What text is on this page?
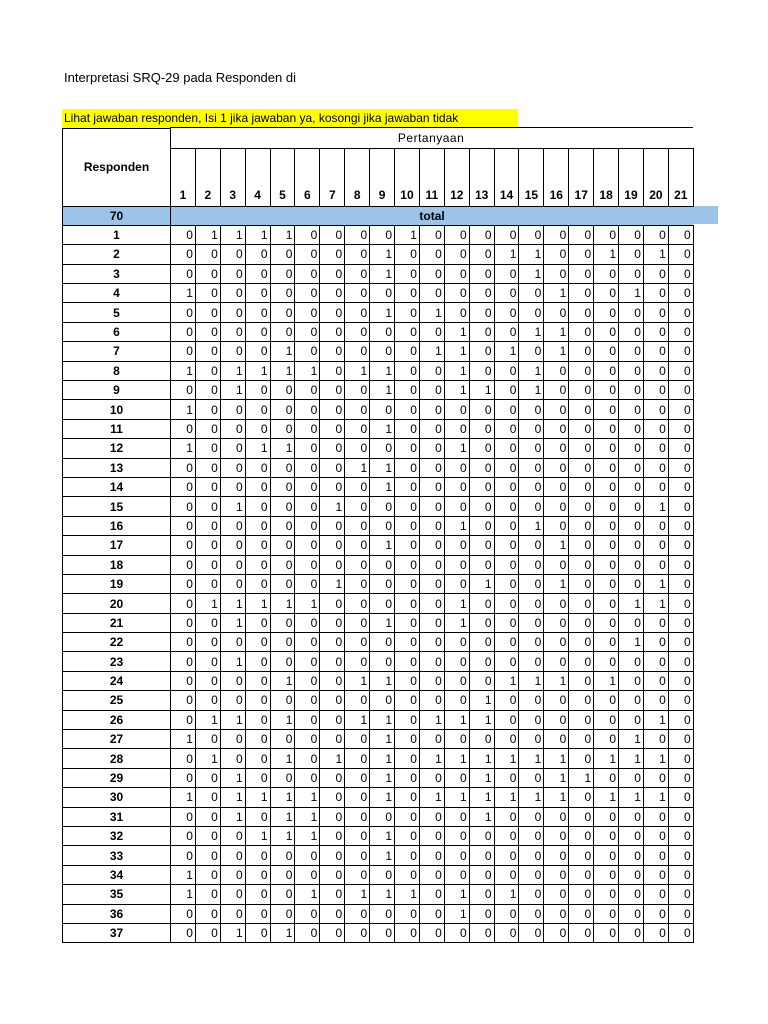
Interpretasi SRQ-29 pada Responden di
Lihat jawaban responden, Isi 1 jika jawaban ya, kosongi jika jawaban tidak
Responden	Pertanyaan																				
	1	2	3	4	5	6	7	8	9	10	11	12	13	14	15	16	17	18	19	20	21
70	total																				
1	0	1	1	1	1	0	0	0	0	1	0	0	0	0	0	0	0	0	0	0	0
2	0	0	0	0	0	0	0	0	1	0	0	0	0	1	1	0	0	1	0	1	0
3	0	0	0	0	0	0	0	0	1	0	0	0	0	0	1	0	0	0	0	0	0
4	1	0	0	0	0	0	0	0	0	0	0	0	0	0	0	1	0	0	1	0	0
5	0	0	0	0	0	0	0	0	1	0	1	0	0	0	0	0	0	0	0	0	0
6	0	0	0	0	0	0	0	0	0	0	0	1	0	0	1	1	0	0	0	0	0
7	0	0	0	0	1	0	0	0	0	0	1	1	0	1	0	1	0	0	0	0	0
8	1	0	1	1	1	1	0	1	1	0	0	1	0	0	1	0	0	0	0	0	0
9	0	0	1	0	0	0	0	0	1	0	0	1	1	0	1	0	0	0	0	0	0
10	1	0	0	0	0	0	0	0	0	0	0	0	0	0	0	0	0	0	0	0	0
11	0	0	0	0	0	0	0	0	1	0	0	0	0	0	0	0	0	0	0	0	0
12	1	0	0	1	1	0	0	0	0	0	0	1	0	0	0	0	0	0	0	0	0
13	0	0	0	0	0	0	0	1	1	0	0	0	0	0	0	0	0	0	0	0	0
14	0	0	0	0	0	0	0	0	1	0	0	0	0	0	0	0	0	0	0	0	0
15	0	0	1	0	0	0	1	0	0	0	0	0	0	0	0	0	0	0	0	1	0
16	0	0	0	0	0	0	0	0	0	0	0	1	0	0	1	0	0	0	0	0	0
17	0	0	0	0	0	0	0	0	1	0	0	0	0	0	0	1	0	0	0	0	0
18	0	0	0	0	0	0	0	0	0	0	0	0	0	0	0	0	0	0	0	0	0
19	0	0	0	0	0	0	1	0	0	0	0	0	1	0	0	1	0	0	0	1	0
20	0	1	1	1	1	1	0	0	0	0	0	1	0	0	0	0	0	0	1	1	0
21	0	0	1	0	0	0	0	0	1	0	0	1	0	0	0	0	0	0	0	0	0
22	0	0	0	0	0	0	0	0	0	0	0	0	0	0	0	0	0	0	1	0	0
23	0	0	1	0	0	0	0	0	0	0	0	0	0	0	0	0	0	0	0	0	0
24	0	0	0	0	1	0	0	1	1	0	0	0	0	1	1	1	0	1	0	0	0
25	0	0	0	0	0	0	0	0	0	0	0	0	1	0	0	0	0	0	0	0	0
26	0	1	1	0	1	0	0	1	1	0	1	1	1	0	0	0	0	0	0	1	0
27	1	0	0	0	0	0	0	0	1	0	0	0	0	0	0	0	0	0	1	0	0
28	0	1	0	0	1	0	1	0	1	0	1	1	1	1	1	1	0	1	1	1	0
29	0	0	1	0	0	0	0	0	1	0	0	0	1	0	0	1	1	0	0	0	0
30	1	0	1	1	1	1	0	0	1	0	1	1	1	1	1	1	0	1	1	1	0
31	0	0	1	0	1	1	0	0	0	0	0	0	1	0	0	0	0	0	0	0	0
32	0	0	0	1	1	1	0	0	1	0	0	0	0	0	0	0	0	0	0	0	0
33	0	0	0	0	0	0	0	0	1	0	0	0	0	0	0	0	0	0	0	0	0
34	1	0	0	0	0	0	0	0	0	0	0	0	0	0	0	0	0	0	0	0	0
35	1	0	0	0	0	1	0	1	1	1	0	1	0	1	0	0	0	0	0	0	0
36	0	0	0	0	0	0	0	0	0	0	0	1	0	0	0	0	0	0	0	0	0
37	0	0	1	0	1	0	0	0	0	0	0	0	0	0	0	0	0	0	0	0	0
